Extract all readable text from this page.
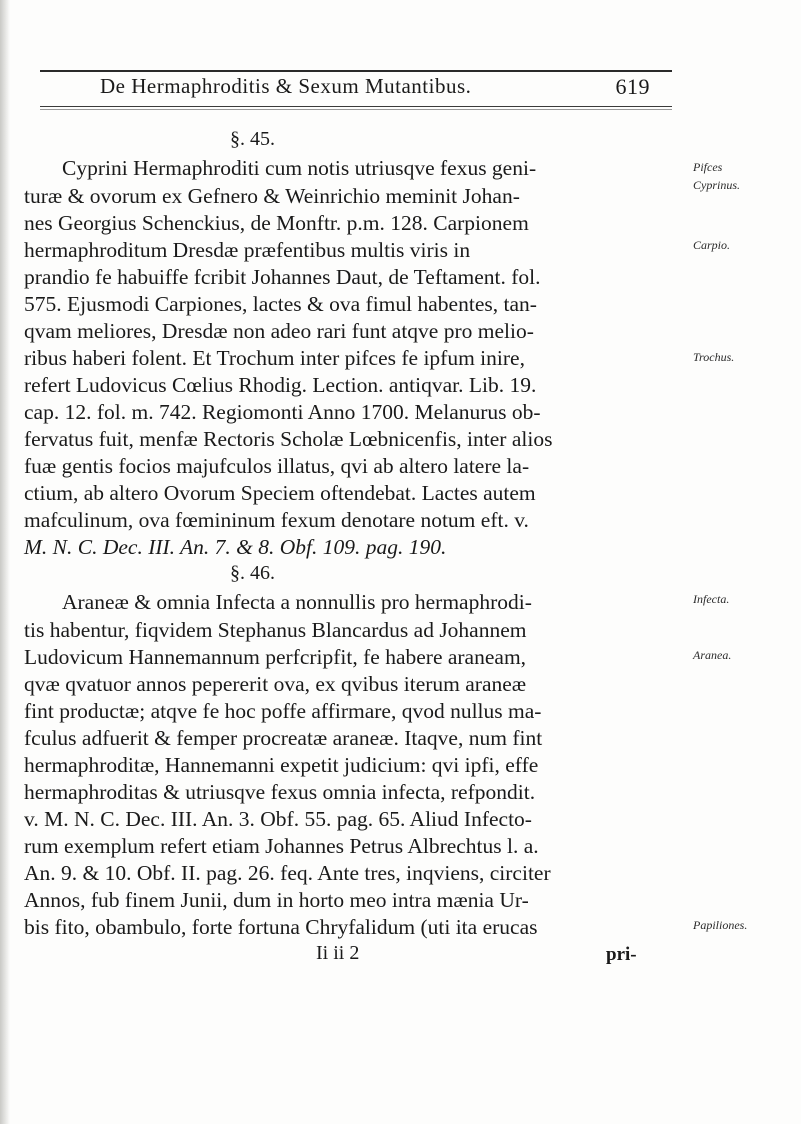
De Hermaphroditis & Sexum Mutantibus.	619
§. 45.
Cyprini Hermaphroditi cum notis utriusqve fexus geni-
turæ & ovorum ex Gefnero & Weinrichio meminit Johan-
nes Georgius Schenckius, de Monftr. p.m. 128. Carpionem
hermaphroditum Dresdæ præfentibus multis viris in
prandio fe habuiffe fcribit Johannes Daut, de Teftament. fol.
575. Ejusmodi Carpiones, lactes & ova fimul habentes, tan-
qvam meliores, Dresdæ non adeo rari funt atqve pro melio-
ribus haberi folent. Et Trochum inter pifces fe ipfum inire,
refert Ludovicus Cœlius Rhodig. Lection. antiqvar. Lib. 19.
cap. 12. fol. m. 742. Regiomonti Anno 1700. Melanurus ob-
fervatus fuit, menfæ Rectoris Scholæ Lœbnicenfis, inter alios
fuæ gentis focios majufculos illatus, qvi ab altero latere la-
ctium, ab altero Ovorum Speciem oftendebat. Lactes autem
mafculinum, ova fœmininum fexum denotare notum eft. v.
M. N. C. Dec. III. An. 7. & 8. Obf. 109. pag. 190.
§. 46.
Araneæ & omnia Infecta a nonnullis pro hermaphrodi-
tis habentur, fiqvidem Stephanus Blancardus ad Johannem
Ludovicum Hannemannum perfcripfit, fe habere araneam,
qvæ qvatuor annos pepererit ova, ex qvibus iterum araneæ
fint productæ; atqve fe hoc poffe affirmare, qvod nullus ma-
fculus adfuerit & femper procreatæ araneæ. Itaqve, num fint
hermaphroditæ, Hannemanni expetit judicium: qvi ipfi, effe
hermaphroditas & utriusqve fexus omnia infecta, refpondit.
v. M. N. C. Dec. III. An. 3. Obf. 55. pag. 65. Aliud Infecto-
rum exemplum refert etiam Johannes Petrus Albrechtus l. a.
An. 9. & 10. Obf. II. pag. 26. feq. Ante tres, inqviens, circiter
Annos, fub finem Junii, dum in horto meo intra mænia Ur-
bis fito, obambulo, forte fortuna Chryfalidum (uti ita erucas
Pifces
Cyprinus.
Carpio.
Trochus.
Infecta.
Aranea.
Papiliones.
Ii ii 2	pri-
